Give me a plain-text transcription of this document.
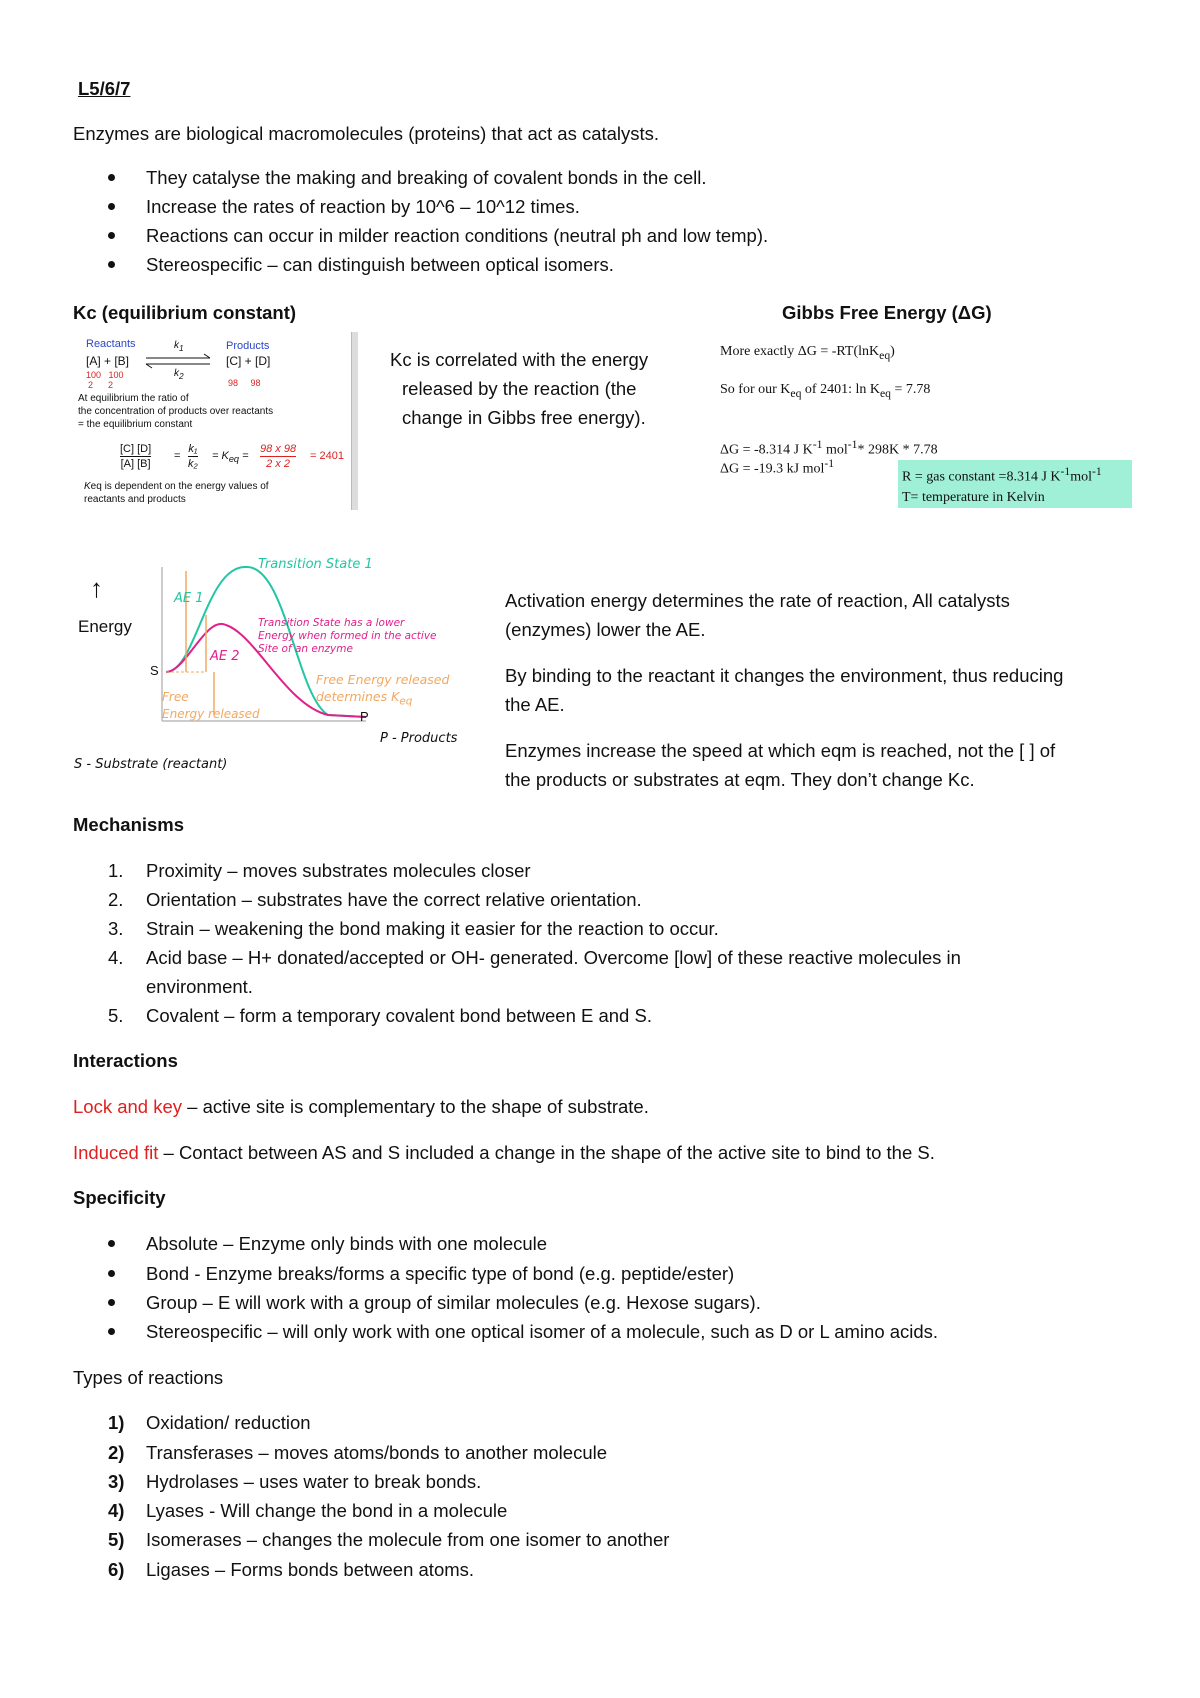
L5/6/7
Enzymes are biological macromolecules (proteins) that act as catalysts.
They catalyse the making and breaking of covalent bonds in the cell.
Increase the rates of reaction by 10^6 – 10^12 times.
Reactions can occur in milder reaction conditions (neutral ph and low temp).
Stereospecific – can distinguish between optical isomers.
Kc (equilibrium constant)	Gibbs Free Energy (ΔG)
Reactants	Products
[A] + [B]	[C] + [D]
$k_1$
$k_2$
100 100
2 2	98 98
At equilibrium the ratio of
the concentration of products over reactants
= the equilibrium constant
[C] [D]
[A] [B]
=
k₁
k₂
= $K_{eq}$ =
98 x 98
2 x 2
= 2401
Keq is dependent on the energy values of
reactants and products
Kc is correlated with the energy
released by the reaction (the
change in Gibbs free energy).
More exactly ΔG = -RT(lnK$_{eq}$)
So for our $K_{eq}$ of 2401: $\ln K_{eq} = 7.78$
ΔG = -8.314 J $K^{-1}$ mol$^{-1}$* 298K * 7.78
ΔG = -19.3 kJ mol$^{-1}$
R = gas constant =8.314 J $K^{-1}mol^{-1}$
T= temperature in Kelvin
↑
Energy
Transition State 1
AE 1
AE 2
Transition State has a lower
Energy when formed in the active
Site of an enzyme
S
Free
Energy released
Free Energy released
determines $K_{eq}$
P
P - Products
S - Substrate (reactant)
Activation energy determines the rate of reaction, All catalysts
(enzymes) lower the AE.
By binding to the reactant it changes the environment, thus reducing
the AE.
Enzymes increase the speed at which eqm is reached, not the [ ] of
the products or substrates at eqm. They don’t change Kc.
Mechanisms
1. Proximity – moves substrates molecules closer
2. Orientation – substrates have the correct relative orientation.
3. Strain – weakening the bond making it easier for the reaction to occur.
4. Acid base – H+ donated/accepted or OH- generated. Overcome [low] of these reactive molecules in
environment.
5. Covalent – form a temporary covalent bond between E and S.
Interactions
Lock and key – active site is complementary to the shape of substrate.
Induced fit – Contact between AS and S included a change in the shape of the active site to bind to the S.
Specificity
Absolute – Enzyme only binds with one molecule
Bond - Enzyme breaks/forms a specific type of bond (e.g. peptide/ester)
Group – E will work with a group of similar molecules (e.g. Hexose sugars).
Stereospecific – will only work with one optical isomer of a molecule, such as D or L amino acids.
Types of reactions
1) Oxidation/ reduction
2) Transferases – moves atoms/bonds to another molecule
3) Hydrolases – uses water to break bonds.
4) Lyases - Will change the bond in a molecule
5) Isomerases – changes the molecule from one isomer to another
6) Ligases – Forms bonds between atoms.
